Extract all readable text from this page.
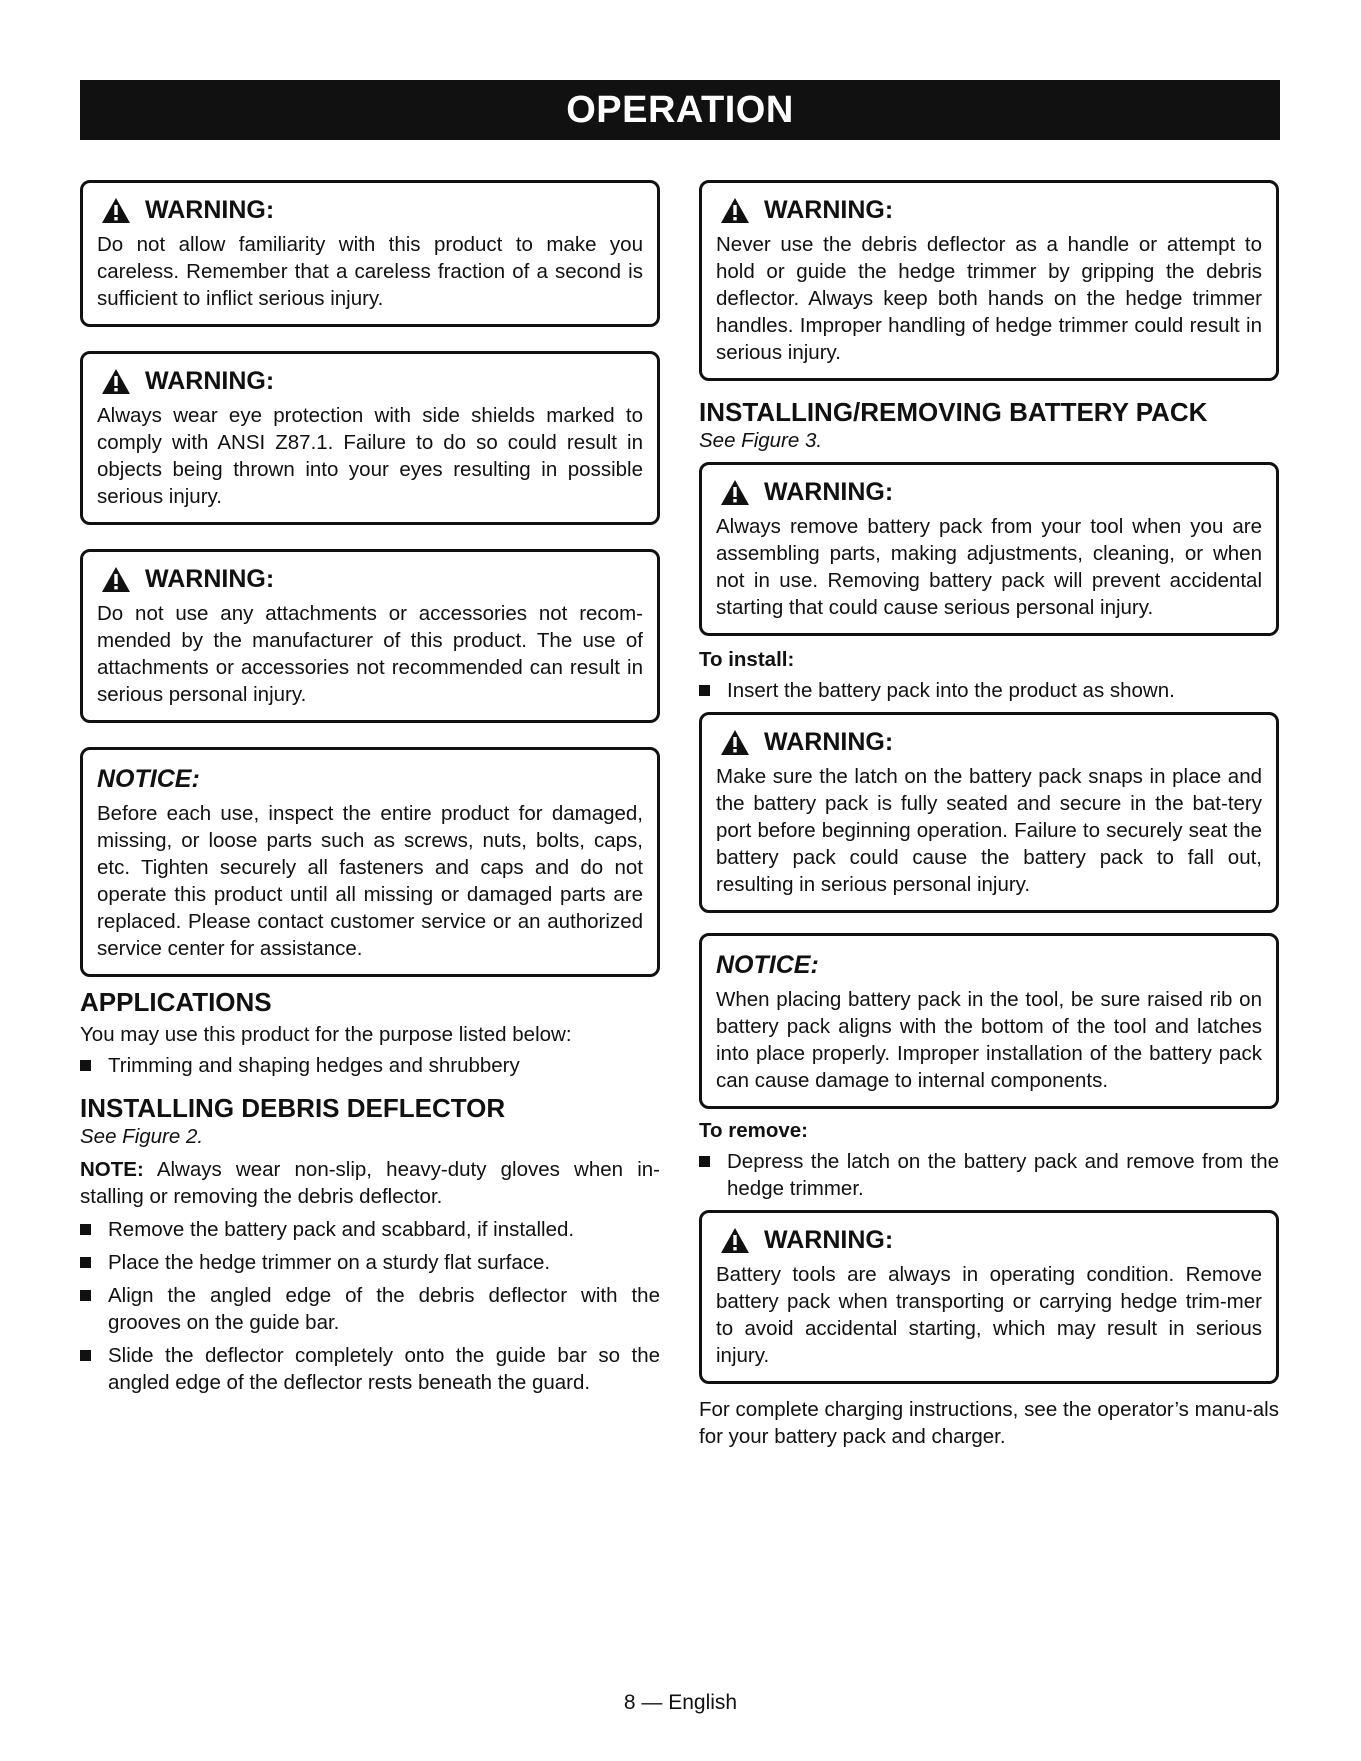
OPERATION
WARNING:

Do not allow familiarity with this product to make you careless. Remember that a careless fraction of a second is sufficient to inflict serious injury.

WARNING:

Always wear eye protection with side shields marked to comply with ANSI Z87.1. Failure to do so could result in objects being thrown into your eyes resulting in possible serious injury.

WARNING:

Do not use any attachments or accessories not recom-mended by the manufacturer of this product. The use of attachments or accessories not recommended can result in serious personal injury.

NOTICE:

Before each use, inspect the entire product for damaged, missing, or loose parts such as screws, nuts, bolts, caps, etc. Tighten securely all fasteners and caps and do not operate this product until all missing or damaged parts are replaced. Please contact customer service or an authorized service center for assistance.

APPLICATIONS

You may use this product for the purpose listed below:

Trimming and shaping hedges and shrubbery
INSTALLING DEBRIS DEFLECTOR

See Figure 2.

NOTE: Always wear non-slip, heavy-duty gloves when in-stalling or removing the debris deflector.

Remove the battery pack and scabbard, if installed.
Place the hedge trimmer on a sturdy flat surface.
Align the angled edge of the debris deflector with the grooves on the guide bar.
Slide the deflector completely onto the guide bar so the angled edge of the deflector rests beneath the guard.
WARNING:

Never use the debris deflector as a handle or attempt to hold or guide the hedge trimmer by gripping the debris deflector. Always keep both hands on the hedge trimmer handles. Improper handling of hedge trimmer could result in serious injury.

INSTALLING/REMOVING BATTERY PACK

See Figure 3.

WARNING:

Always remove battery pack from your tool when you are assembling parts, making adjustments, cleaning, or when not in use. Removing battery pack will prevent accidental starting that could cause serious personal injury.

To install:

Insert the battery pack into the product as shown.
WARNING:

Make sure the latch on the battery pack snaps in place and the battery pack is fully seated and secure in the bat-tery port before beginning operation. Failure to securely seat the battery pack could cause the battery pack to fall out, resulting in serious personal injury.

NOTICE:

When placing battery pack in the tool, be sure raised rib on battery pack aligns with the bottom of the tool and latches into place properly. Improper installation of the battery pack can cause damage to internal components.

To remove:

Depress the latch on the battery pack and remove from the hedge trimmer.
WARNING:

Battery tools are always in operating condition. Remove battery pack when transporting or carrying hedge trim-mer to avoid accidental starting, which may result in serious injury.

For complete charging instructions, see the operator’s manu-als for your battery pack and charger.

8 — English
